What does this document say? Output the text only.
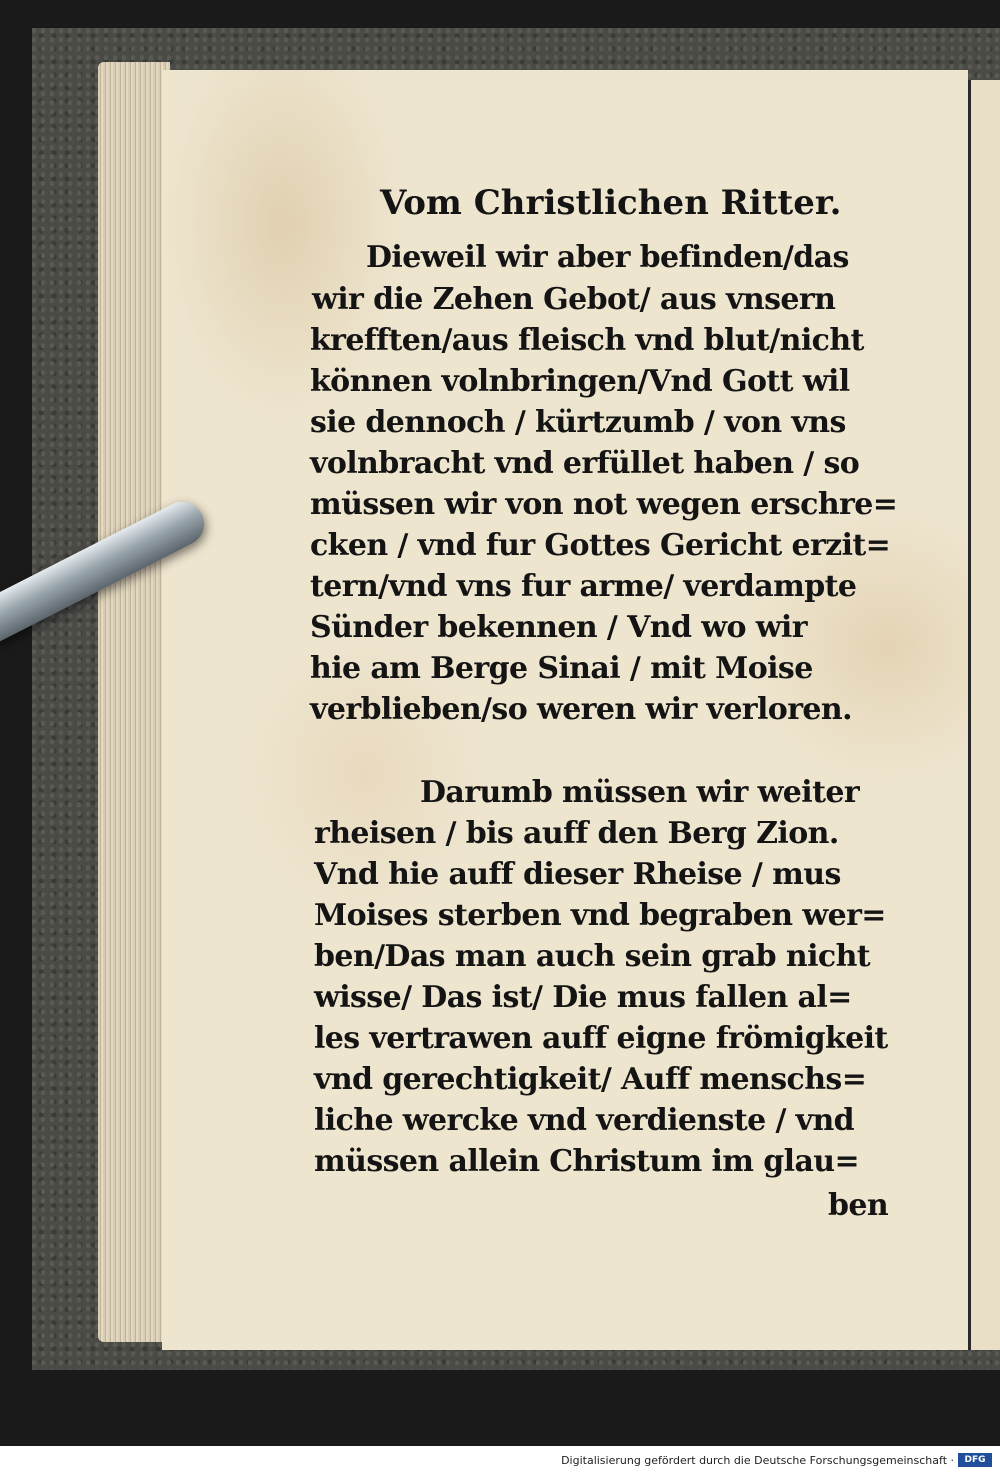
Vom Christlichen Ritter.
Dieweil wir aber befinden/das
wir die Zehen Gebot/ aus vnsern
krefften/aus fleisch vnd blut/nicht
können volnbringen/Vnd Gott wil
sie dennoch / kürtzumb / von vns
volnbracht vnd erfüllet haben / so
müssen wir von not wegen erschre=
cken / vnd fur Gottes Gericht erzit=
tern/vnd vns fur arme/ verdampte
Sünder bekennen / Vnd wo wir
hie am Berge Sinai / mit Moise
verblieben/so weren wir verloren.
Darumb müssen wir weiter
rheisen / bis auff den Berg Zion.
Vnd hie auff dieser Rheise / mus
Moises sterben vnd begraben wer=
ben/Das man auch sein grab nicht
wisse/ Das ist/ Die mus fallen al=
les vertrawen auff eigne frömigkeit
vnd gerechtigkeit/ Auff menschs=
liche wercke vnd verdienste / vnd
müssen allein Christum im glau=
ben
Digitalisierung gefördert durch die Deutsche Forschungsgemeinschaft ·	DFG
